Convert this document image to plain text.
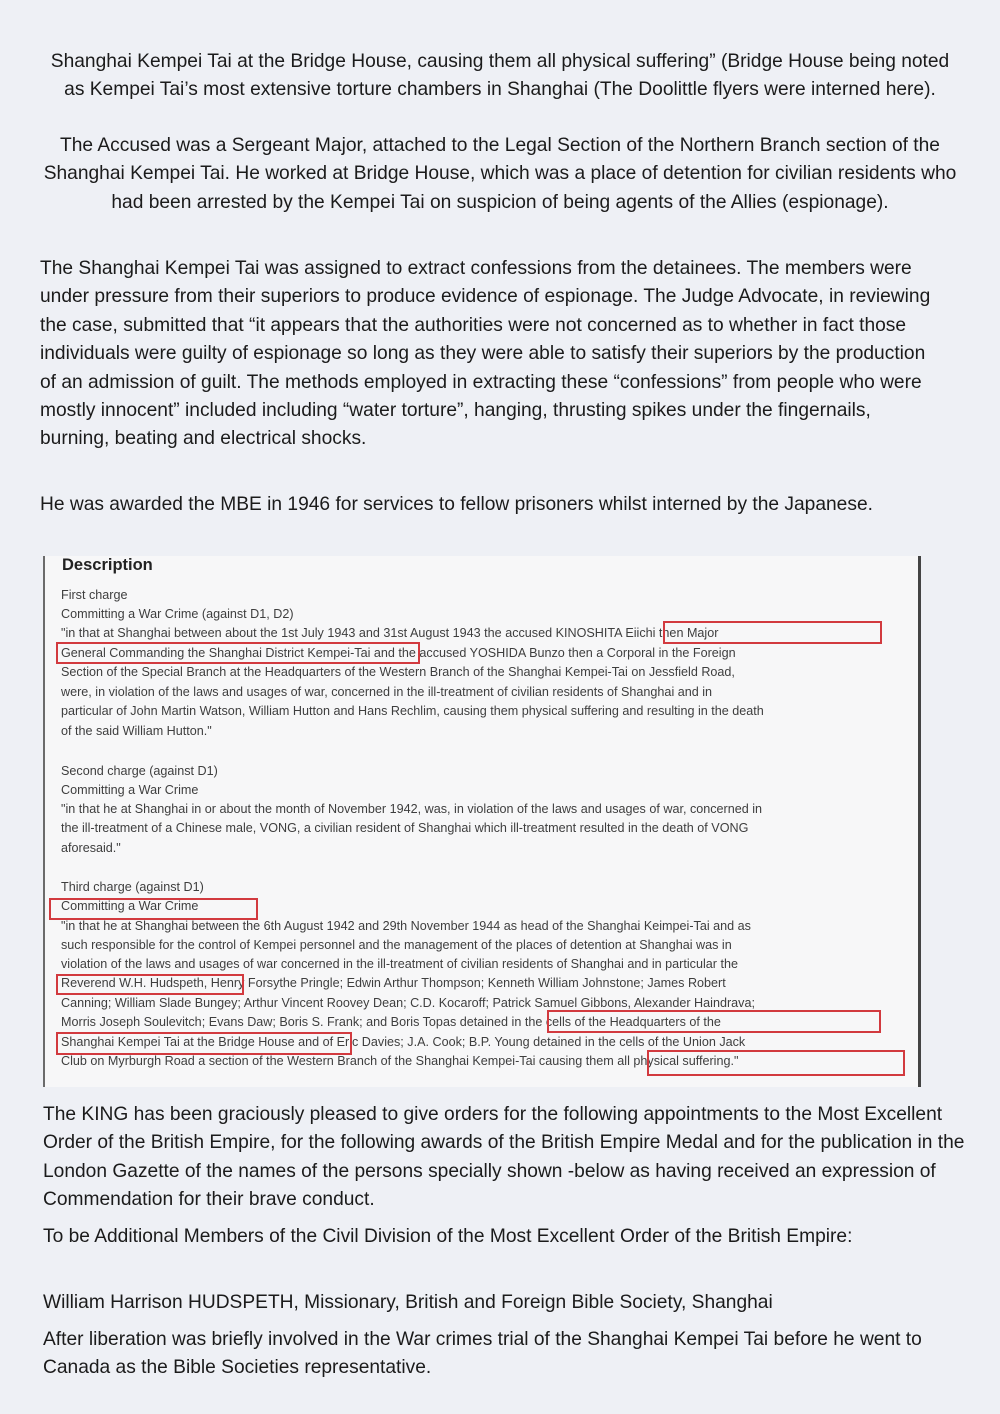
Shanghai Kempei Tai at the Bridge House, causing them all physical suffering” (Bridge House being noted as Kempei Tai’s most extensive torture chambers in Shanghai (The Doolittle flyers were interned here).

The Accused was a Sergeant Major, attached to the Legal Section of the Northern Branch section of the Shanghai Kempei Tai. He worked at Bridge House, which was a place of detention for civilian residents who had been arrested by the Kempei Tai on suspicion of being agents of the Allies (espionage).

The Shanghai Kempei Tai was assigned to extract confessions from the detainees. The members were under pressure from their superiors to produce evidence of espionage. The Judge Advocate, in reviewing the case, submitted that “it appears that the authorities were not concerned as to whether in fact those individuals were guilty of espionage so long as they were able to satisfy their superiors by the production of an admission of guilt. The methods employed in extracting these “confessions” from people who were mostly innocent” included including “water torture”, hanging, thrusting spikes under the fingernails, burning, beating and electrical shocks.

He was awarded the MBE in 1946 for services to fellow prisoners whilst interned by the Japanese.

Description
First charge
Committing a War Crime (against D1, D2)
"in that at Shanghai between about the 1st July 1943 and 31st August 1943 the accused KINOSHITA Eiichi then Major
General Commanding the Shanghai District Kempei-Tai and the accused YOSHIDA Bunzo then a Corporal in the Foreign
Section of the Special Branch at the Headquarters of the Western Branch of the Shanghai Kempei-Tai on Jessfield Road,
were, in violation of the laws and usages of war, concerned in the ill-treatment of civilian residents of Shanghai and in
particular of John Martin Watson, William Hutton and Hans Rechlim, causing them physical suffering and resulting in the death
of the said William Hutton."
Second charge (against D1)
Committing a War Crime
"in that he at Shanghai in or about the month of November 1942, was, in violation of the laws and usages of war, concerned in
the ill-treatment of a Chinese male, VONG, a civilian resident of Shanghai which ill-treatment resulted in the death of VONG
aforesaid."
Third charge (against D1)
Committing a War Crime
"in that he at Shanghai between the 6th August 1942 and 29th November 1944 as head of the Shanghai Keimpei-Tai and as
such responsible for the control of Kempei personnel and the management of the places of detention at Shanghai was in
violation of the laws and usages of war concerned in the ill-treatment of civilian residents of Shanghai and in particular the
Reverend W.H. Hudspeth, Henry Forsythe Pringle; Edwin Arthur Thompson; Kenneth William Johnstone; James Robert
Canning; William Slade Bungey; Arthur Vincent Roovey Dean; C.D. Kocaroff; Patrick Samuel Gibbons, Alexander Haindrava;
Morris Joseph Soulevitch; Evans Daw; Boris S. Frank; and Boris Topas detained in the cells of the Headquarters of the
Shanghai Kempei Tai at the Bridge House and of Eric Davies; J.A. Cook; B.P. Young detained in the cells of the Union Jack
Club on Myrburgh Road a section of the Western Branch of the Shanghai Kempei-Tai causing them all physical suffering."

The KING has been graciously pleased to give orders for the following appointments to the Most Excellent Order of the British Empire, for the following awards of the British Empire Medal and for the publication in the London Gazette of the names of the persons specially shown -below as having received an expression of Commendation for their brave conduct.

To be Additional Members of the Civil Division of the Most Excellent Order of the British Empire:

William Harrison HUDSPETH, Missionary, British and Foreign Bible Society, Shanghai

After liberation was briefly involved in the War crimes trial of the Shanghai Kempei Tai before he went to Canada as the Bible Societies representative.
